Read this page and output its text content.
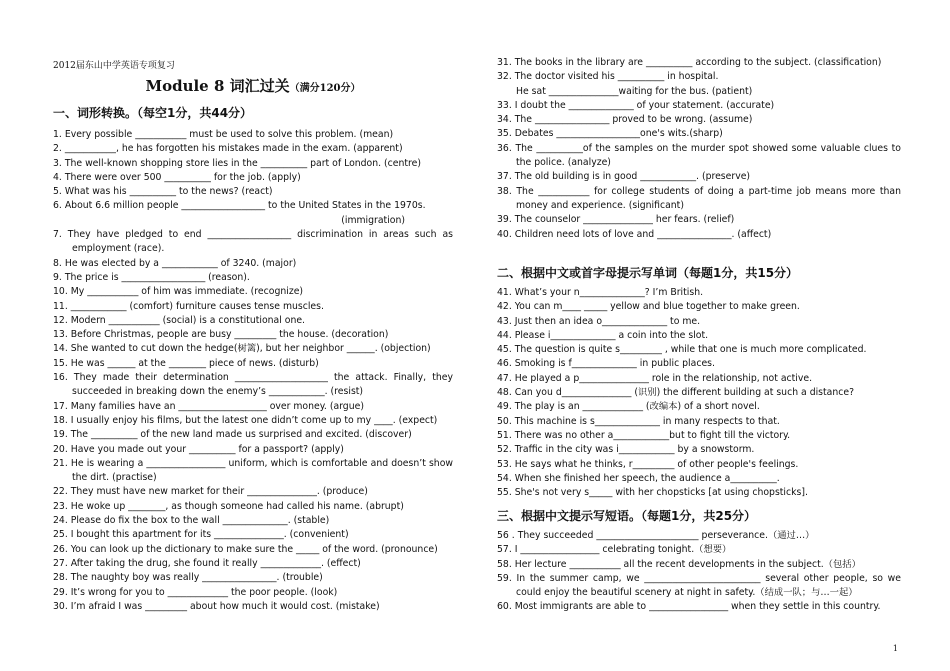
2012届东山中学英语专项复习
Module 8 词汇过关（满分120分）

一、词形转换。（每空1分，共44分）

1. Every possible ___________ must be used to solve this problem. (mean)
2. ___________, he has forgotten his mistakes made in the exam. (apparent)
3. The well-known shopping store lies in the __________ part of London. (centre)
4. There were over 500 __________ for the job. (apply)
5. What was his __________ to the news? (react)
6. About 6.6 million people __________________ to the United States in the 1970s.
(immigration)
7. They have pledged to end __________________ discrimination in areas such as employment (race).
8. He was elected by a ____________ of 3240. (major)
9. The price is __________________ (reason).
10. My ___________ of him was immediate. (recognize)
11. ____________ (comfort) furniture causes tense muscles.
12. Modern ___________ (social) is a constitutional one.
13. Before Christmas, people are busy _________ the house. (decoration)
14. She wanted to cut down the hedge(树篱), but her neighbor ______. (objection)
15. He was ______ at the ________ piece of news. (disturb)
16. They made their determination ____________________ the attack. Finally, they succeeded in breaking down the enemy’s ____________. (resist)
17. Many families have an ___________________ over money. (argue)
18. I usually enjoy his films, but the latest one didn’t come up to my ____. (expect)
19. The __________ of the new land made us surprised and excited. (discover)
20. Have you made out your __________ for a passport? (apply)
21. He is wearing a _________________ uniform, which is comfortable and doesn’t show the dirt. (practise)
22. They must have new market for their _______________. (produce)
23. He woke up ________, as though someone had called his name. (abrupt)
24. Please do fix the box to the wall ______________. (stable)
25. I bought this apartment for its _______________. (convenient)
26. You can look up the dictionary to make sure the _____ of the word. (pronounce)
27. After taking the drug, she found it really _____________. (effect)
28. The naughty boy was really ________________. (trouble)
29. It’s wrong for you to _____________ the poor people. (look)
30. I’m afraid I was _________ about how much it would cost. (mistake)
31. The books in the library are __________ according to the subject. (classification)
32. The doctor visited his __________ in hospital.
He sat _______________waiting for the bus. (patient)
33. I doubt the ______________ of your statement. (accurate)
34. The ________________ proved to be wrong. (assume)
35. Debates __________________one's wits.(sharp)
36. The __________of the samples on the murder spot showed some valuable clues to the police. (analyze)
37. The old building is in good ____________. (preserve)
38. The ___________ for college students of doing a part-time job means more than money and experience. (significant)
39. The counselor _______________ her fears. (relief)
40. Children need lots of love and ________________. (affect)

二、根据中文或首字母提示写单词（每题1分，共15分）

41. What’s your n______________? I’m British.
42. You can m____ _____ yellow and blue together to make green.
43. Just then an idea o______________ to me.
44. Please i______________ a coin into the slot.
45. The question is quite s_________ , while that one is much more complicated.
46. Smoking is f______________ in public places.
47. He played a p_______________ role in the relationship, not active.
48. Can you d_______________ (识别) the different building at such a distance?
49. The play is an _____________ (改编本) of a short novel.
50. This machine is s______________ in many respects to that.
51. There was no other a____________but to fight till the victory.
52. Traffic in the city was i____________ by a snowstorm.
53. He says what he thinks, r_________ of other people's feelings.
54. When she finished her speech, the audience a__________.
55. She's not very s_____ with her chopsticks [at using chopsticks].

三、根据中文提示写短语。（每题1分，共25分）

56 . They succeeded ______________________ perseverance.（通过…）
57. I _________________ celebrating tonight.（想要）
58. Her lecture ___________ all the recent developments in the subject.（包括）
59. In the summer camp, we _________________________ several other people, so we could enjoy the beautiful scenery at night in safety.（结成一队；与…一起）
60. Most immigrants are able to _________________ when they settle in this country.
1
